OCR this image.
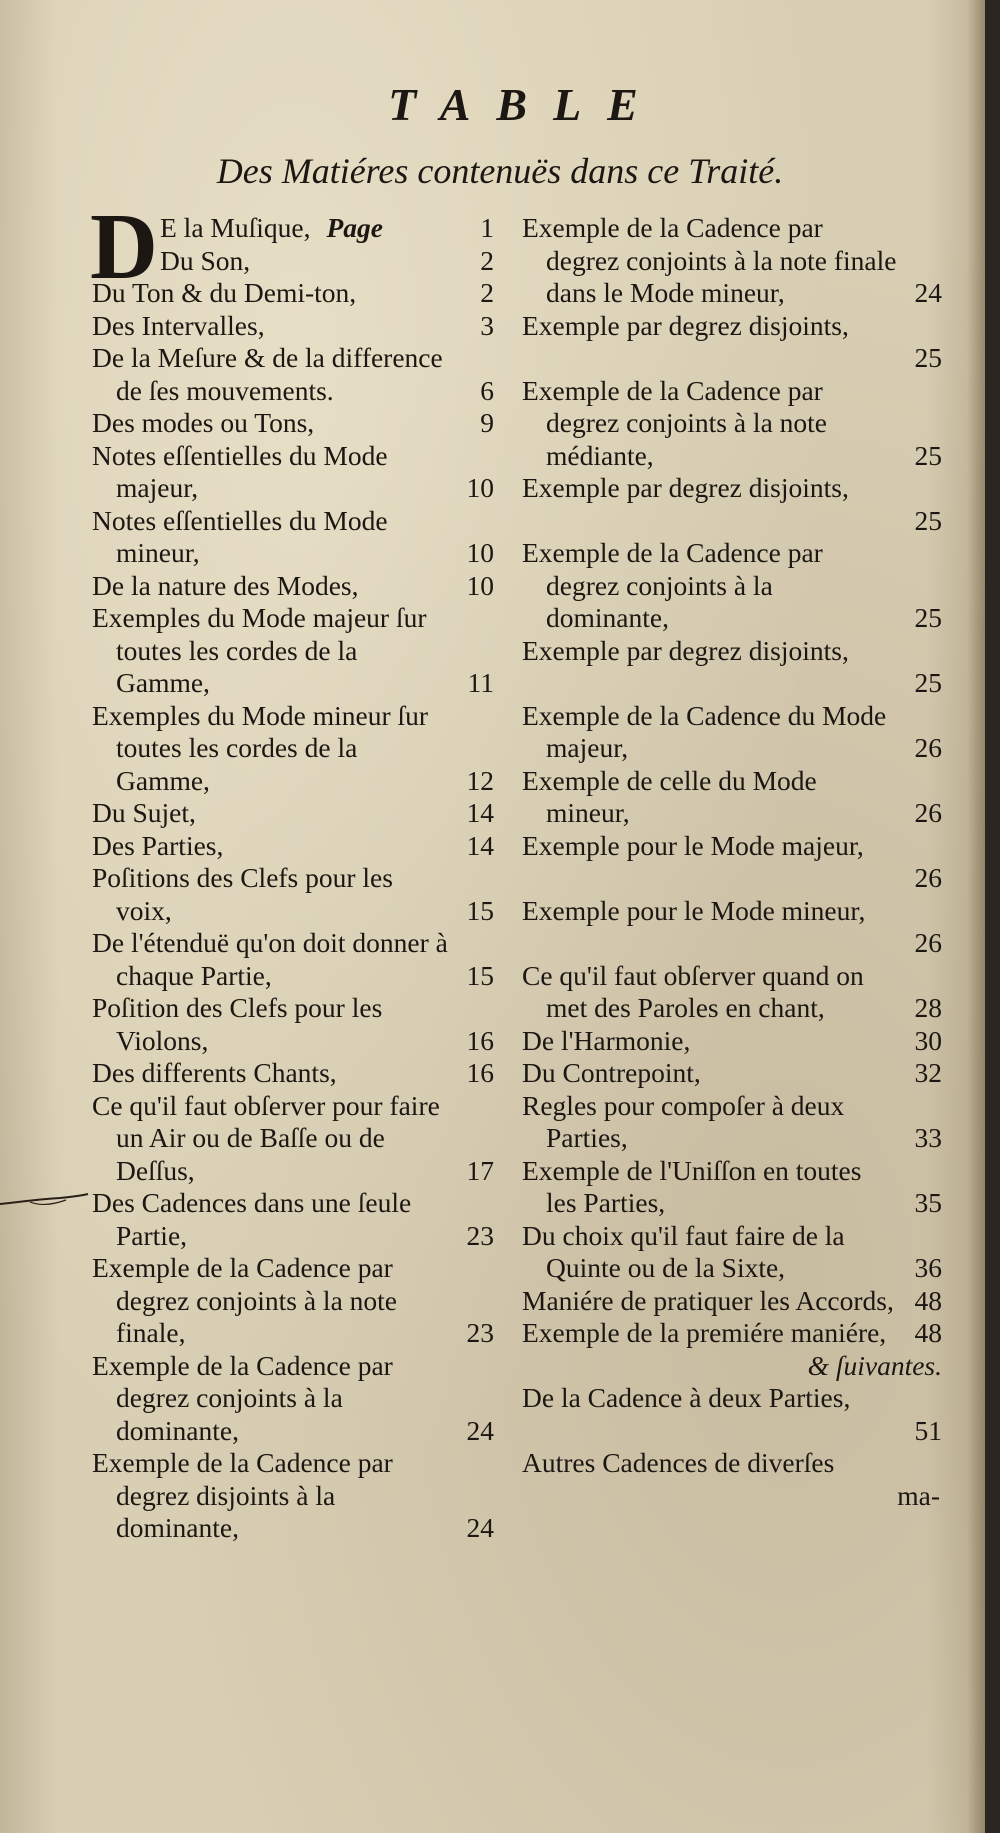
TABLE
Des Matiéres contenuës dans ce Traité.
D E la Muſique, Page	1
Du Son,	2
Du Ton & du Demi-ton,	2
Des Intervalles,	3
De la Meſure & de la difference de ſes mouvements.	6
Des modes ou Tons,	9
Notes eſſentielles du Mode majeur,	10
Notes eſſentielles du Mode mineur,	10
De la nature des Modes,	10
Exemples du Mode majeur ſur toutes les cordes de la Gamme,	11
Exemples du Mode mineur ſur toutes les cordes de la Gamme,	12
Du Sujet,	14
Des Parties,	14
Poſitions des Clefs pour les voix,	15
De l'étenduë qu'on doit donner à chaque Partie,	15
Poſition des Clefs pour les Violons,	16
Des differents Chants,	16
Ce qu'il faut obſerver pour faire un Air ou de Baſſe ou de Deſſus,	17
Des Cadences dans une ſeule Partie,	23
Exemple de la Cadence par degrez conjoints à la note finale,	23
Exemple de la Cadence par degrez conjoints à la dominante,	24
Exemple de la Cadence par degrez disjoints à la dominante,	24
Exemple de la Cadence par degrez conjoints à la note finale dans le Mode mineur,	24
Exemple par degrez disjoints,
25
Exemple de la Cadence par degrez conjoints à la note médiante,	25
Exemple par degrez disjoints,
25
Exemple de la Cadence par degrez conjoints à la dominante,	25
Exemple par degrez disjoints,
25
Exemple de la Cadence du Mode majeur,	26
Exemple de celle du Mode mineur,	26
Exemple pour le Mode majeur,
26
Exemple pour le Mode mineur,
26
Ce qu'il faut obſerver quand on met des Paroles en chant,	28
De l'Harmonie,	30
Du Contrepoint,	32
Regles pour compoſer à deux Parties,	33
Exemple de l'Uniſſon en toutes les Parties,	35
Du choix qu'il faut faire de la Quinte ou de la Sixte,	36
Maniére de pratiquer les Accords, 48
Exemple de la premiére maniére,	48
& ſuivantes.
De la Cadence à deux Parties,
51
Autres Cadences de diverſes
ma-
